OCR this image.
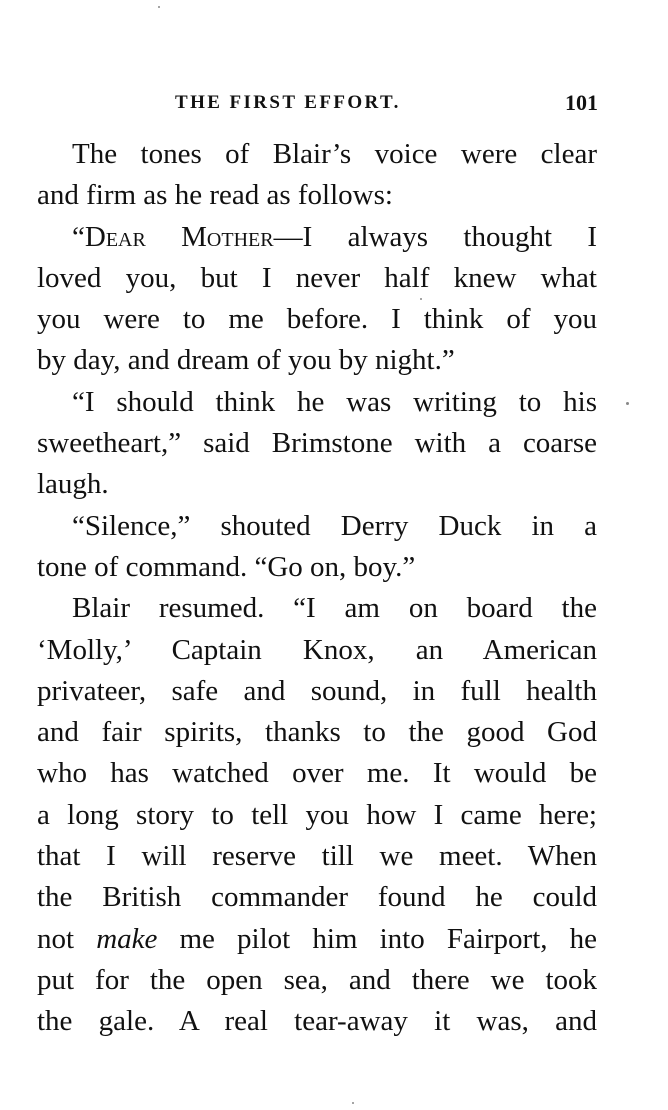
THE FIRST EFFORT.	101
The tones of Blair’s voice were clear
and firm as he read as follows:
“Dear Mother—I always thought I
loved you, but I never half knew what
you were to me before. I think of you
by day, and dream of you by night.”
“I should think he was writing to his
sweetheart,” said Brimstone with a coarse
laugh.
“Silence,” shouted Derry Duck in a
tone of command. “Go on, boy.”
Blair resumed. “I am on board the
‘Molly,’ Captain Knox, an American
privateer, safe and sound, in full health
and fair spirits, thanks to the good God
who has watched over me. It would be
a long story to tell you how I came here;
that I will reserve till we meet. When
the British commander found he could
not make me pilot him into Fairport, he
put for the open sea, and there we took
the gale. A real tear-away it was, and
